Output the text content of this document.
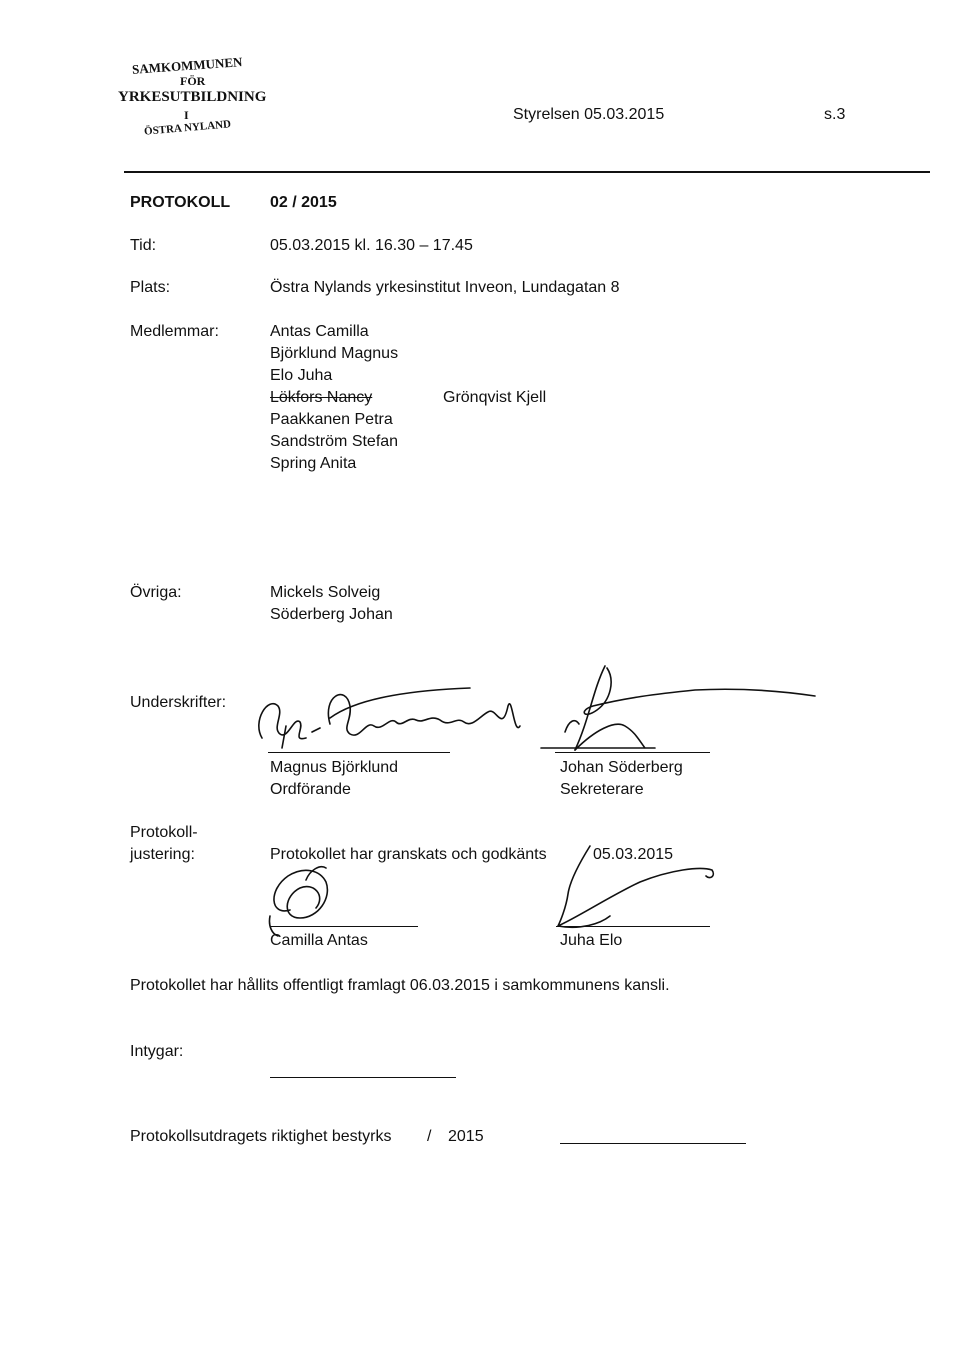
SAMKOMMUNEN
FÖR
YRKESUTBILDNING
I
ÖSTRA NYLAND
Styrelsen 05.03.2015	s.3
PROTOKOLL 02 / 2015
Tid:	05.03.2015 kl. 16.30 – 17.45
Plats:	Östra Nylands yrkesinstitut Inveon, Lundagatan 8
Medlemmar:	Antas Camilla
Björklund Magnus
Elo Juha
Lökfors Nancy
Paakkanen Petra
Sandström Stefan
Spring Anita
Grönqvist Kjell
Övriga:	Mickels Solveig
Söderberg Johan
Underskrifter:
Magnus Björklund
Ordförande
Johan Söderberg
Sekreterare
Protokoll-
justering:	Protokollet har granskats och godkänts	05.03.2015
Camilla Antas	Juha Elo
Protokollet har hållits offentligt framlagt 06.03.2015 i samkommunens kansli.
Intygar:
Protokollsutdragets riktighet bestyrks / 2015
